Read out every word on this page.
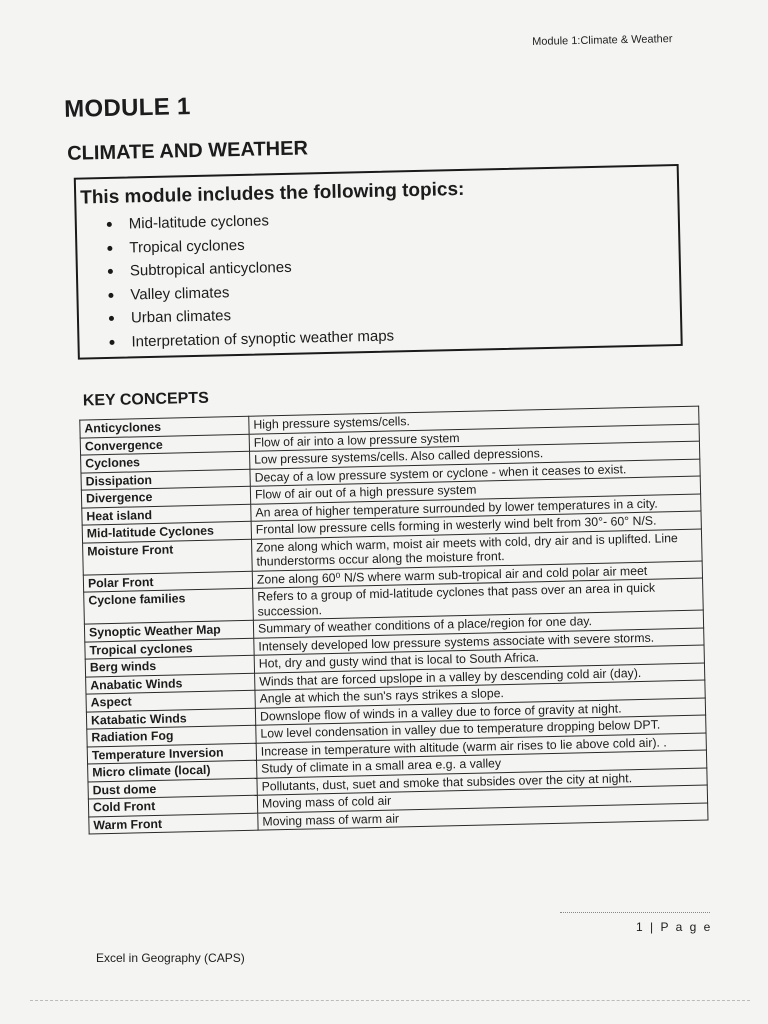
Module 1:Climate & Weather
MODULE 1
CLIMATE AND WEATHER
This module includes the following topics:
Mid-latitude cyclones
Tropical cyclones
Subtropical anticyclones
Valley climates
Urban climates
Interpretation of synoptic weather maps
KEY CONCEPTS
Anticyclones	High pressure systems/cells.
Convergence	Flow of air into a low pressure system
Cyclones	Low pressure systems/cells. Also called depressions.
Dissipation	Decay of a low pressure system or cyclone - when it ceases to exist.
Divergence	Flow of air out of a high pressure system
Heat island	An area of higher temperature surrounded by lower temperatures in a city.
Mid-latitude Cyclones	Frontal low pressure cells forming in westerly wind belt from 30°- 60° N/S.
Moisture Front	Zone along which warm, moist air meets with cold, dry air and is uplifted. Line thunderstorms occur along the moisture front.
Polar Front	Zone along 60⁰ N/S where warm sub-tropical air and cold polar air meet
Cyclone families	Refers to a group of mid-latitude cyclones that pass over an area in quick succession.
Synoptic Weather Map	Summary of weather conditions of a place/region for one day.
Tropical cyclones	Intensely developed low pressure systems associate with severe storms.
Berg winds	Hot, dry and gusty wind that is local to South Africa.
Anabatic Winds	Winds that are forced upslope in a valley by descending cold air (day).
Aspect	Angle at which the sun's rays strikes a slope.
Katabatic Winds	Downslope flow of winds in a valley due to force of gravity at night.
Radiation Fog	Low level condensation in valley due to temperature dropping below DPT.
Temperature Inversion	Increase in temperature with altitude (warm air rises to lie above cold air). .
Micro climate (local)	Study of climate in a small area e.g. a valley
Dust dome	Pollutants, dust, suet and smoke that subsides over the city at night.
Cold Front	Moving mass of cold air
Warm Front	Moving mass of warm air
1 | P a g e
Excel in Geography (CAPS)
